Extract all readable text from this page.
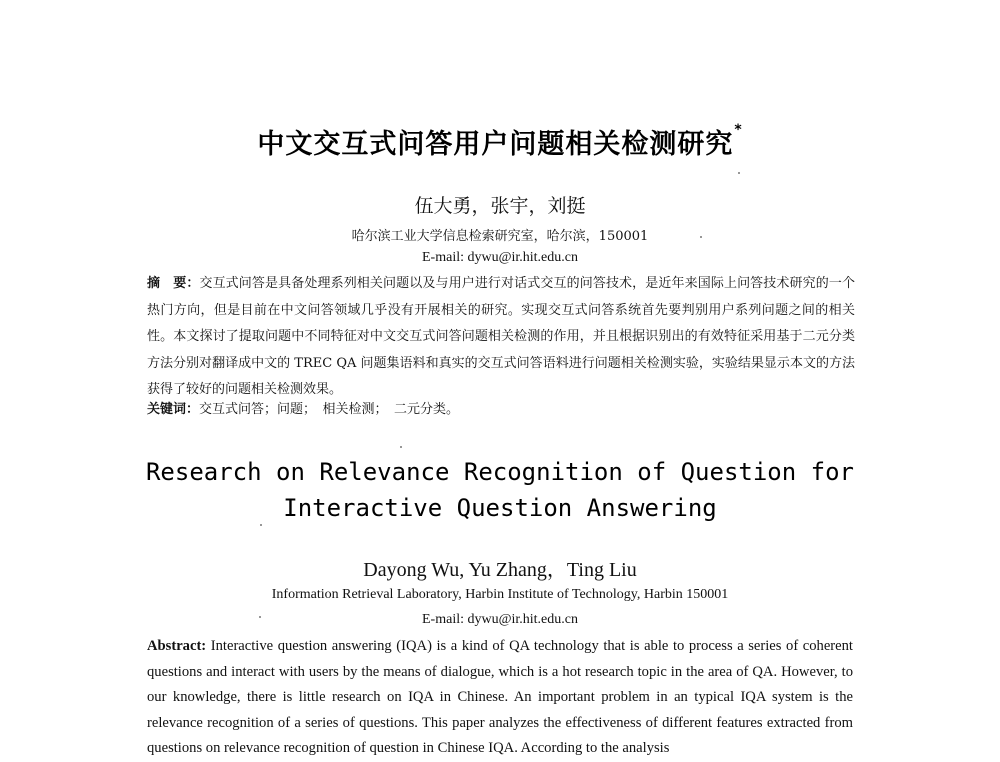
中文交互式问答用户问题相关检测研究*
伍大勇，张宇，刘挺
哈尔滨工业大学信息检索研究室，哈尔滨，150001
E-mail: dywu@ir.hit.edu.cn

摘　要：交互式问答是具备处理系列相关问题以及与用户进行对话式交互的问答技术，是近年来国际上问答技术研究的一个热门方向，但是目前在中文问答领域几乎没有开展相关的研究。实现交互式问答系统首先要判别用户系列问题之间的相关性。本文探讨了提取问题中不同特征对中文交互式问答问题相关检测的作用，并且根据识别出的有效特征采用基于二元分类方法分别对翻译成中文的 TREC QA 问题集语料和真实的交互式问答语料进行问题相关检测实验，实验结果显示本文的方法获得了较好的问题相关检测效果。

关键词：交互式问答；问题；　相关检测；　二元分类。
Research on Relevance Recognition of Question for
Interactive Question Answering
Dayong Wu, Yu Zhang，Ting Liu
Information Retrieval Laboratory, Harbin Institute of Technology, Harbin 150001
E-mail: dywu@ir.hit.edu.cn

Abstract: Interactive question answering (IQA) is a kind of QA technology that is able to process a series of coherent questions and interact with users by the means of dialogue, which is a hot research topic in the area of QA. However, to our knowledge, there is little research on IQA in Chinese. An important problem in an typical IQA system is the relevance recognition of a series of questions. This paper analyzes the effectiveness of different features extracted from questions on relevance recognition of question in Chinese IQA. According to the analysis
